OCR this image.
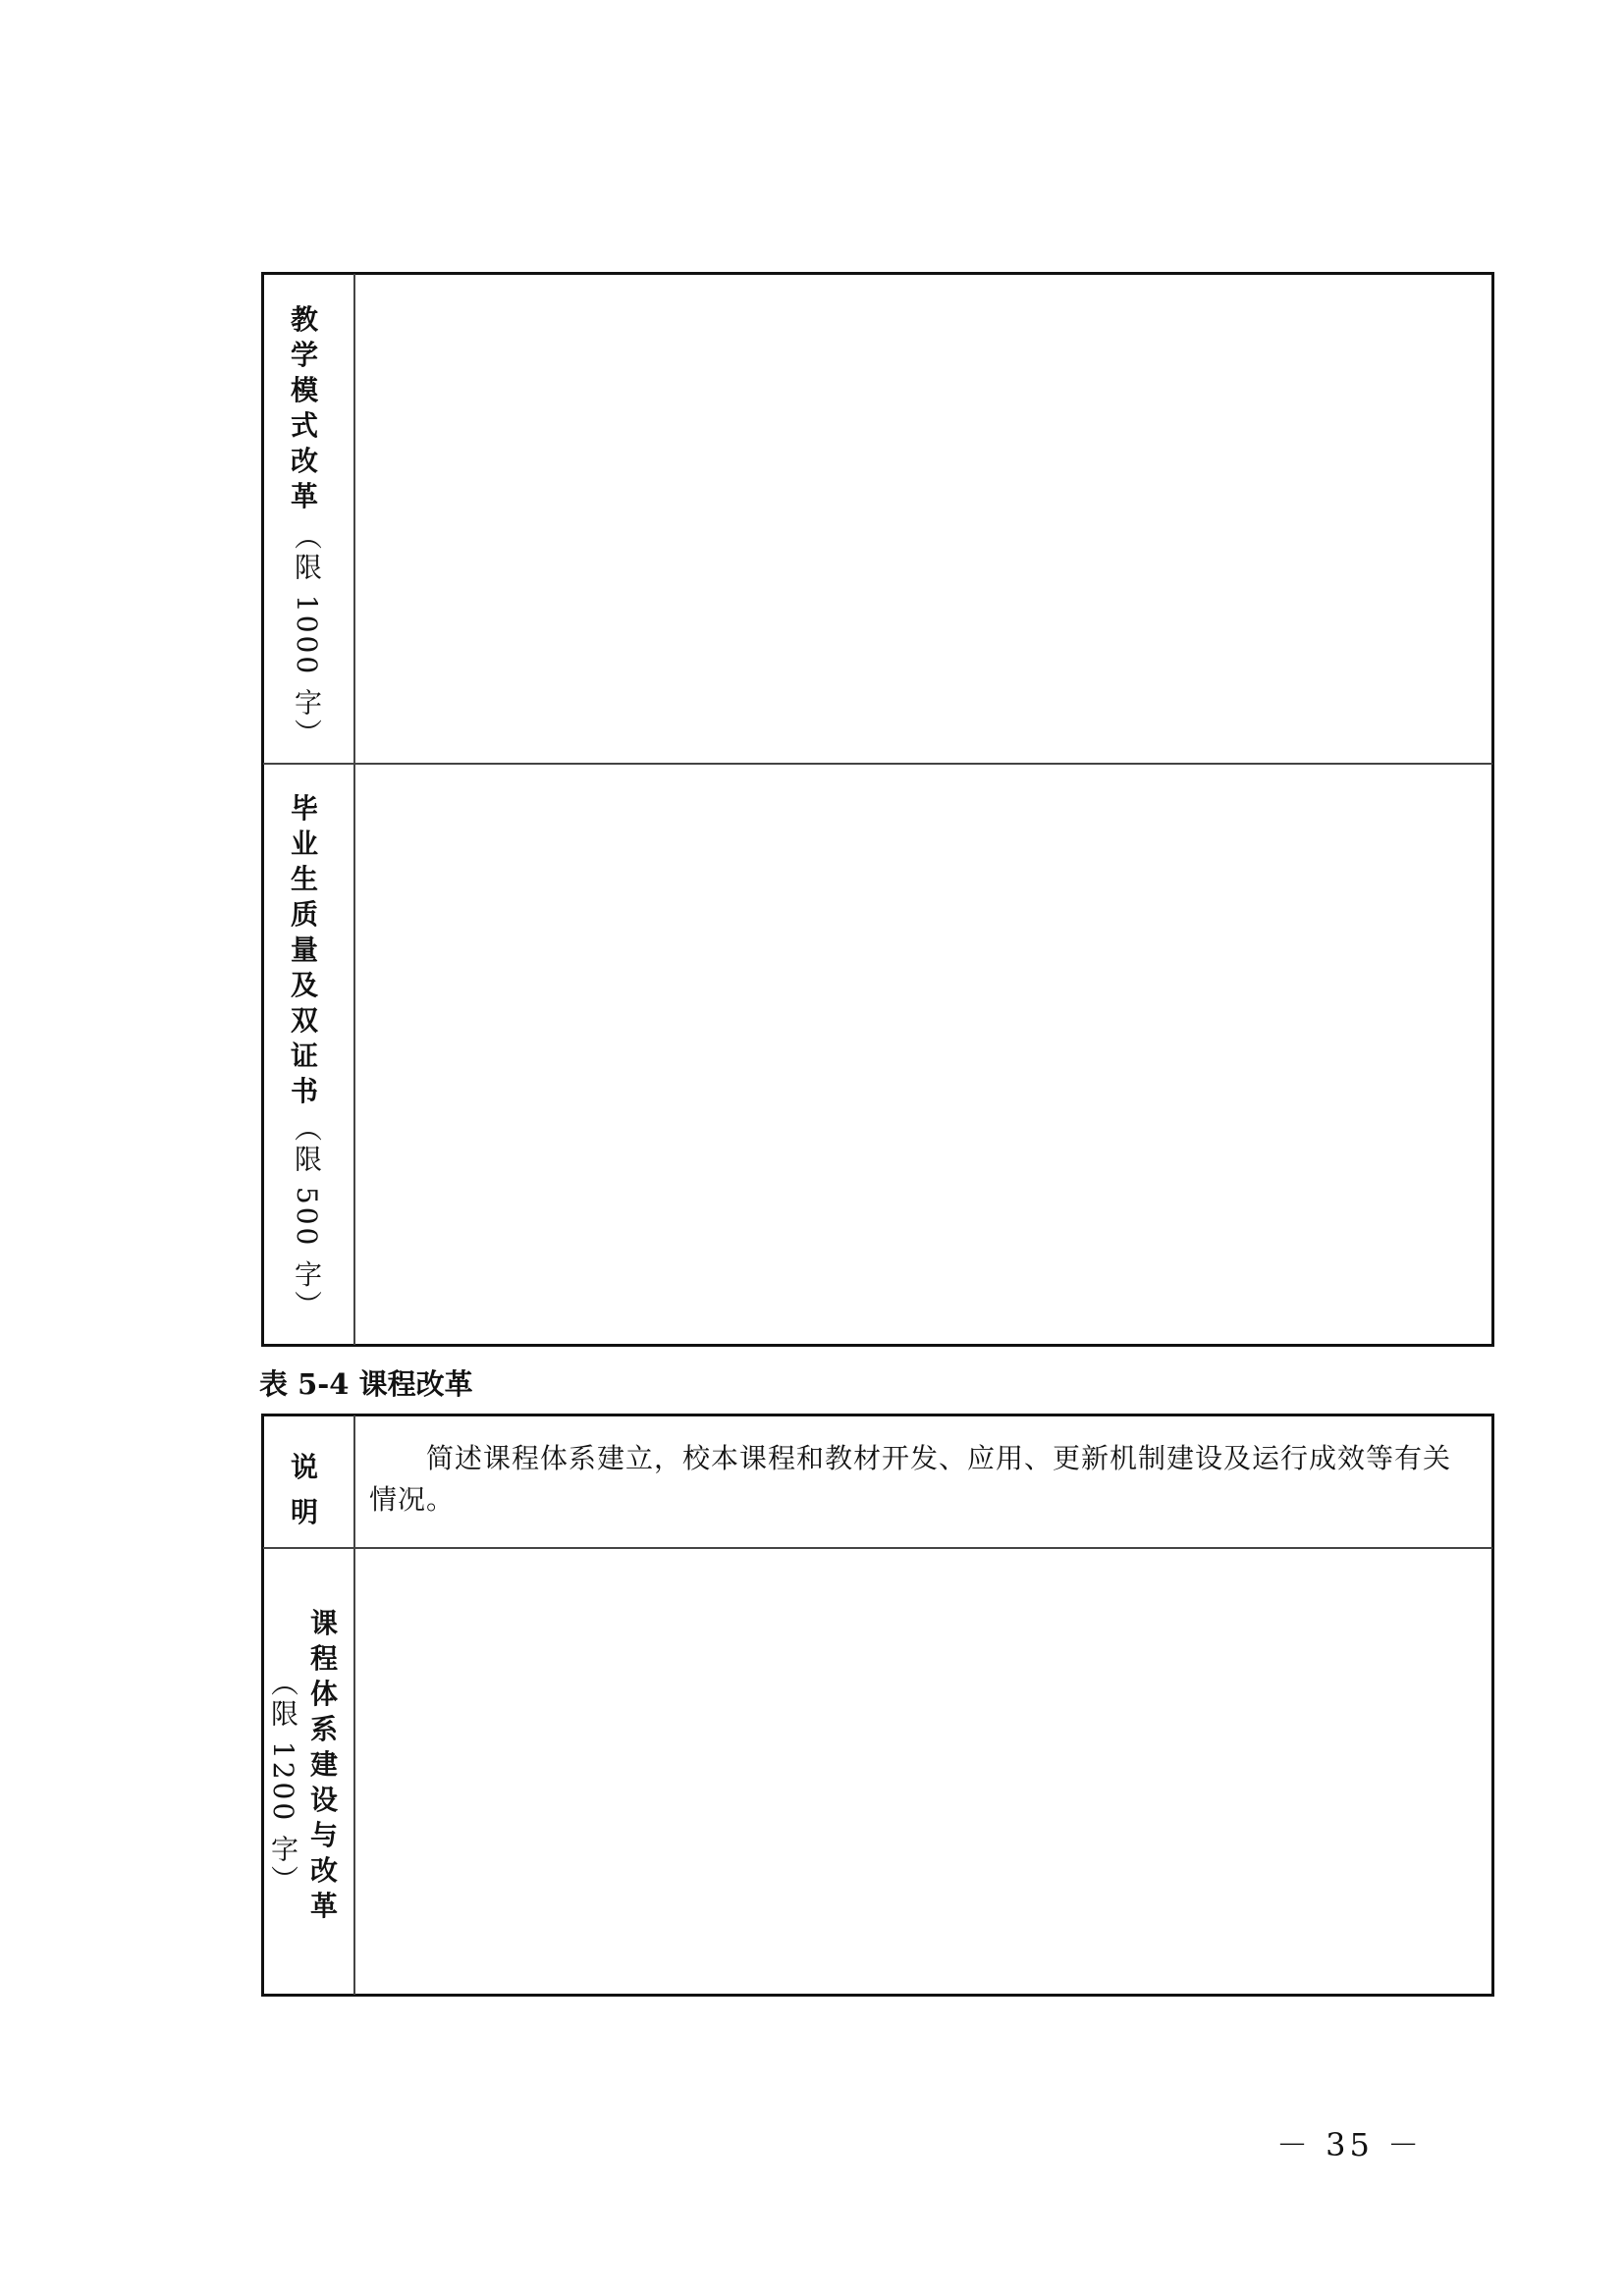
教
学
模
式
改
革
（限 1000 字）
毕
业
生
质
量
及
双
证
书
（限 500 字）
表 5-4 课程改革
说
明
简述课程体系建立，校本课程和教材开发、应用、更新机制建设及运行成效等有关
情况。
课
程
体
系
建
设
与
改
革
（限 1200 字）
－ 35 －
